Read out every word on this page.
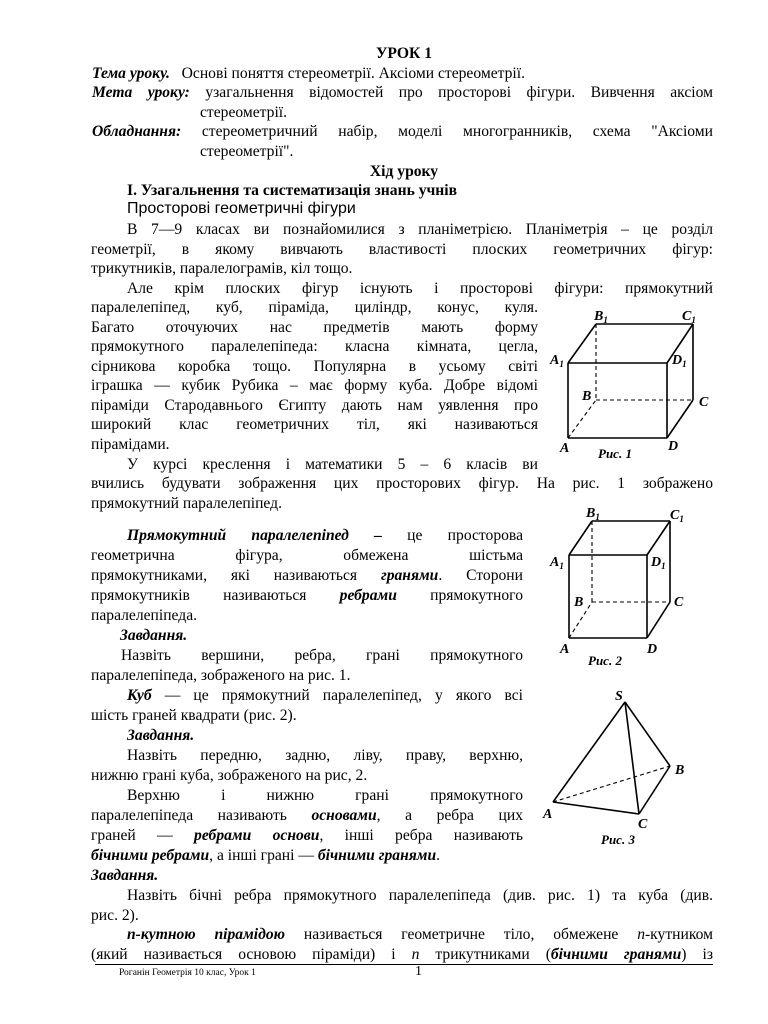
УРОК 1
Тема уроку. Основі поняття стереометрії. Аксіоми стереометрії.
Мета уроку: узагальнення відомостей про просторові фігури. Вивчення аксіом
стереометрії.
Обладнання: стереометричний набір, моделі многогранників, схема "Аксіоми
стереометрії".
Хід уроку
I. Узагальнення та систематизація знань учнів
Просторові геометричні фігури
В 7—9 класах ви познайомилися з планіметрією. Планіметрія – це розділ
геометрії, в якому вивчають властивості плоских геометричних фігур:
трикутників, паралелограмів, кіл тощо.
Але крім плоских фігур існують і просторові фігури: прямокутний
паралелепіпед, куб, піраміда, циліндр, конус, куля.
Багато оточуючих нас предметів мають форму
прямокутного паралелепіпеда: класна кімната, цегла,
сірникова коробка тощо. Популярна в усьому світі
іграшка — кубик Рубика – має форму куба. Добре відомі
піраміди Стародавнього Єгипту дають нам уявлення про
широкий клас геометричних тіл, які називаються
пірамідами.
У курсі креслення і математики 5 – 6 класів ви
вчились будувати зображення цих просторових фігур. На рис. 1 зображено
прямокутний паралелепіпед.
Прямокутний паралелепіпед – це просторова
геометрична фігура, обмежена шістьма
прямокутниками, які називаються гранями. Сторони
прямокутників називаються ребрами прямокутного
паралелепіпеда.
Завдання.
Назвіть вершини, ребра, грані прямокутного
паралелепіпеда, зображеного на рис. 1.
Куб — це прямокутний паралелепіпед, у якого всі
шість граней квадрати (рис. 2).
Завдання.
Назвіть передню, задню, ліву, праву, верхню,
нижню грані куба, зображеного на рис, 2.
Верхню і нижню грані прямокутного
паралелепіпеда називають основами, а ребра цих
граней — ребрами основи, інші ребра називають
бічними ребрами, а інші грані — бічними гранями.
Завдання.
Назвіть бічні ребра прямокутного паралелепіпеда (див. рис. 1) та куба (див.
рис. 2).
n-кутною пірамідою називається геометричне тіло, обмежене n-кутником
(який називається основою піраміди) і n трикутниками (бічними гранями) із
$B_1$	$C_1$
$A_1$	$D_1$
B	C
A	D
Рис. 1
$B_1$	$C_1$
$A_1$	$D_1$
B	C
A	D
Рис. 2
S
B
A
C
Рис. 3
Роганін Геометрія 10 клас, Урок 1	1
